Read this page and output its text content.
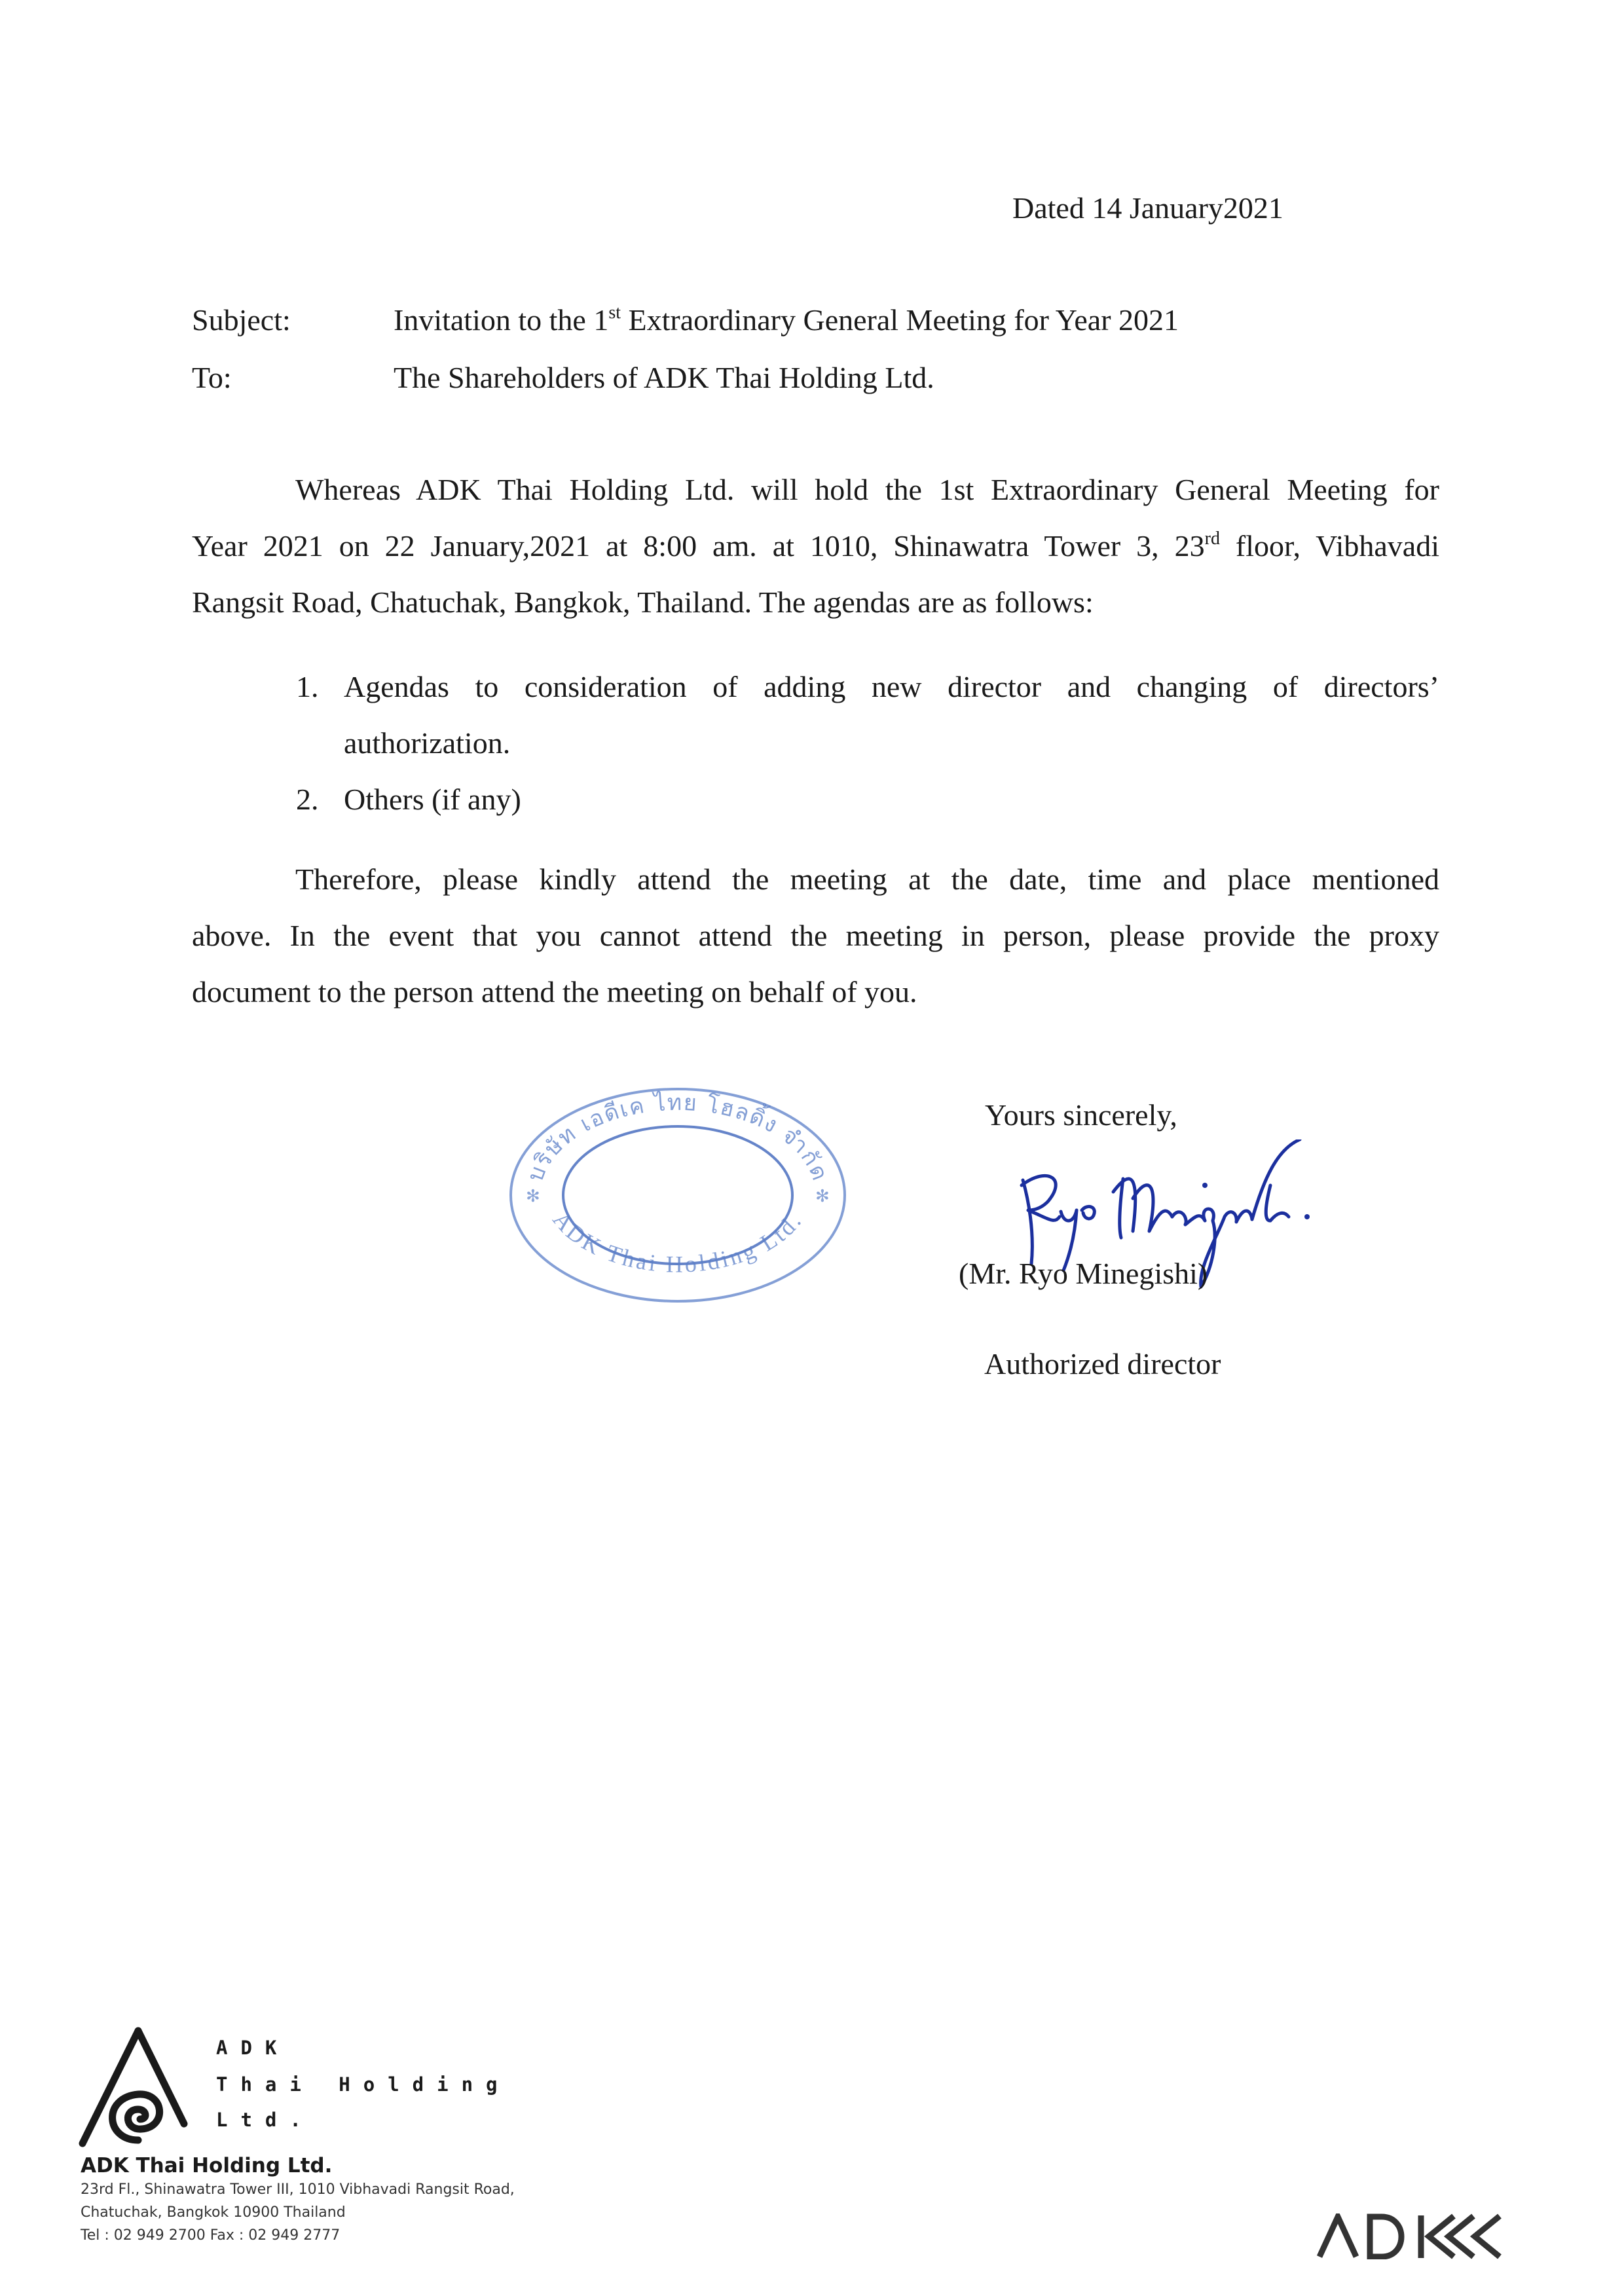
Dated 14 January2021
Subject:	Invitation to the 1st Extraordinary General Meeting for Year 2021
To:	The Shareholders of ADK Thai Holding Ltd.
Whereas ADK Thai Holding Ltd. will hold the 1st Extraordinary General Meeting for
Year 2021 on 22 January,2021 at 8:00 am. at 1010, Shinawatra Tower 3, 23rd floor, Vibhavadi
Rangsit Road, Chatuchak, Bangkok, Thailand. The agendas are as follows:
1. Agendas to consideration of adding new director and changing of directors’
authorization.
2. Others (if any)
Therefore, please kindly attend the meeting at the date, time and place mentioned
above. In the event that you cannot attend the meeting in person, please provide the proxy
document to the person attend the meeting on behalf of you.
บริษัท เอดีเค ไทย โฮลดิ้ง จำกัด
ADK Thai Holding Ltd.
✻	✻
Yours sincerely,
(Mr. Ryo Minegishi)
Authorized director
ADK
Thai Holding
Ltd.
ADK Thai Holding Ltd.
23rd Fl., Shinawatra Tower III, 1010 Vibhavadi Rangsit Road,
Chatuchak, Bangkok 10900 Thailand
Tel : 02 949 2700 Fax : 02 949 2777
ADK
